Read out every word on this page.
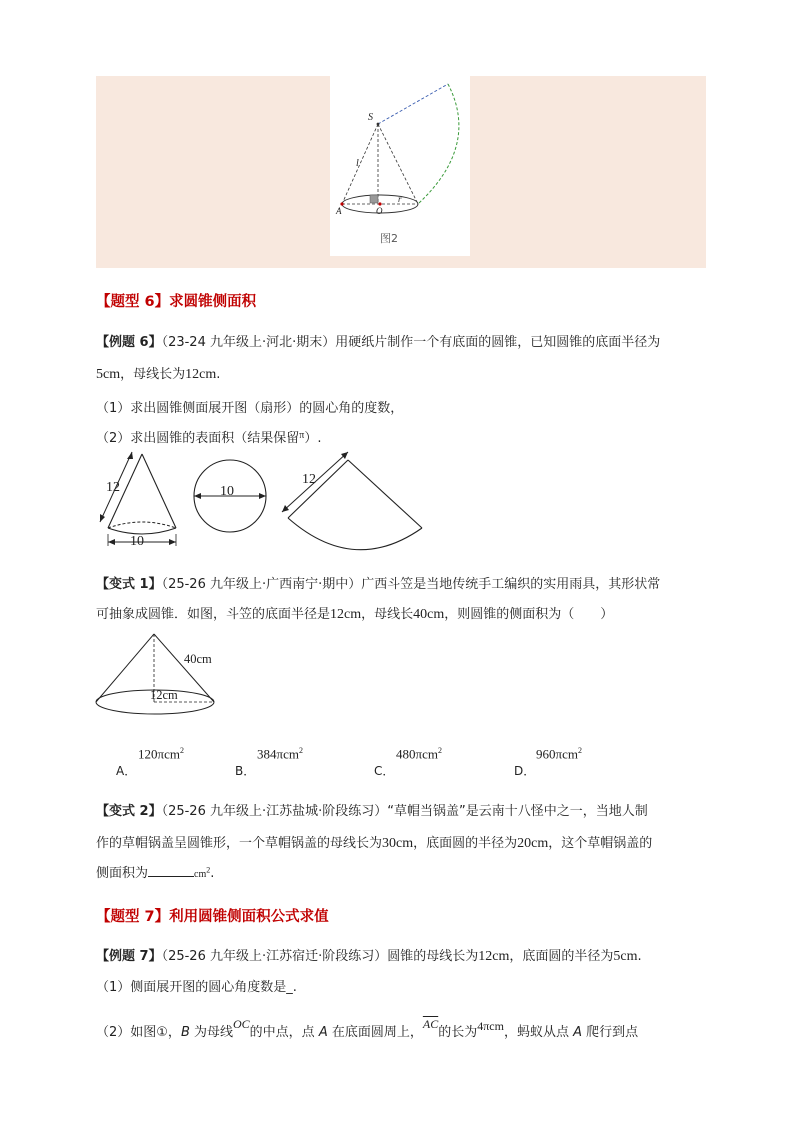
S
l
A	O
r
图2
【题型 6】求圆锥侧面积
【例题 6】（23-24 九年级上·河北·期末）用硬纸片制作一个有底面的圆锥，已知圆锥的底面半径为
5cm，母线长为12cm.
（1）求出圆锥侧面展开图（扇形）的圆心角的度数，
（2）求出圆锥的表面积（结果保留$^\pi$）.
12
10
10
12
【变式 1】（25-26 九年级上·广西南宁·期中）广西斗笠是当地传统手工编织的实用雨具，其形状常
可抽象成圆锥．如图，斗笠的底面半径是12cm，母线长40cm，则圆锥的侧面积为（　　）
40cm
12cm
A．
120πcm$^2$
B．
384πcm$^2$
C．
480πcm$^2$
D．
960πcm$^2$
【变式 2】（25-26 九年级上·江苏盐城·阶段练习）“草帽当锅盖”是云南十八怪中之一，当地人制
作的草帽锅盖呈圆锥形，一个草帽锅盖的母线长为30cm，底面圆的半径为20cm，这个草帽锅盖的
侧面积为	$cm^2$.
【题型 7】利用圆锥侧面积公式求值
【例题 7】（25-26 九年级上·江苏宿迁·阶段练习）圆锥的母线长为12cm，底面圆的半径为5cm.
（1）侧面展开图的圆心角度数是_.
（2）如图①，B 为母线OC的中点，点 A 在底面圆周上，$\overline{AC}$的长为4πcm，蚂蚁从点 A 爬行到点
